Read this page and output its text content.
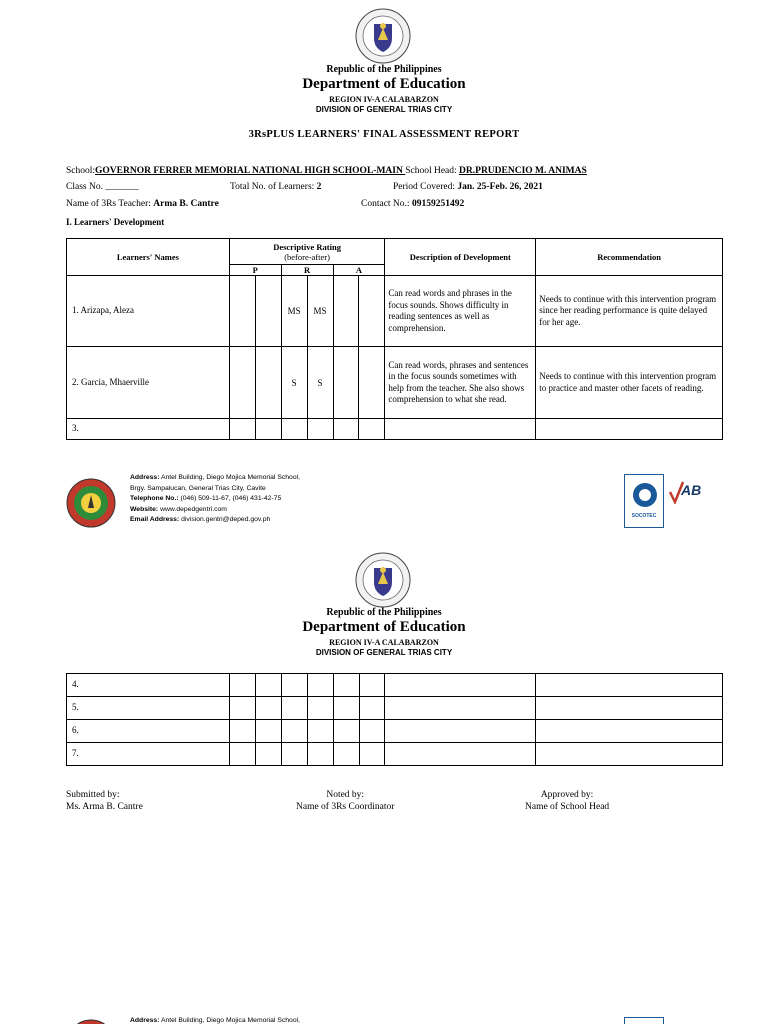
Republic of the Philippines
Department of Education
REGION IV-A CALABARZON
DIVISION OF GENERAL TRIAS CITY
3RsPLUS LEARNERS' FINAL ASSESSMENT REPORT
School:GOVERNOR FERRER MEMORIAL NATIONAL HIGH SCHOOL-MAIN School Head: DR.PRUDENCIO M. ANIMAS
Class No. _______	Total No. of Learners: 2	Period Covered: Jan. 25-Feb. 26, 2021
Name of 3Rs Teacher: Arma B. Cantre	Contact No.: 09159251492
I. Learners' Development
Learners' Names	Descriptive Rating
(before-after)						Description of Development	Recommendation
	P		R		A			
1. Arizapa, Aleza			MS	MS			Can read words and phrases in the focus sounds. Shows difficulty in reading sentences as well as comprehension.	Needs to continue with this intervention program since her reading performance is quite delayed for her age.
2. Garcia, Mhaerville			S	S			Can read words, phrases and sentences in the focus sounds sometimes with help from the teacher. She also shows comprehension to what she read.	Needs to continue with this intervention program to practice and master other facets of reading.
3.								
Address: Antel Building, Diego Mojica Memorial School,
Brgy. Sampalucan, General Trias City, Cavite
Telephone No.: (046) 509-11-67, (046) 431-42-75
Website: www.depedgentri.com
Email Address: division.gentri@deped.gov.ph	SOCOTEC
AB
Republic of the Philippines
Department of Education
REGION IV-A CALABARZON
DIVISION OF GENERAL TRIAS CITY
4.								
5.								
6.								
7.								
Submitted by:
Ms. Arma B. Cantre
Noted by:
Name of 3Rs Coordinator
Approved by:
Name of School Head
Address: Antel Building, Diego Mojica Memorial School,
